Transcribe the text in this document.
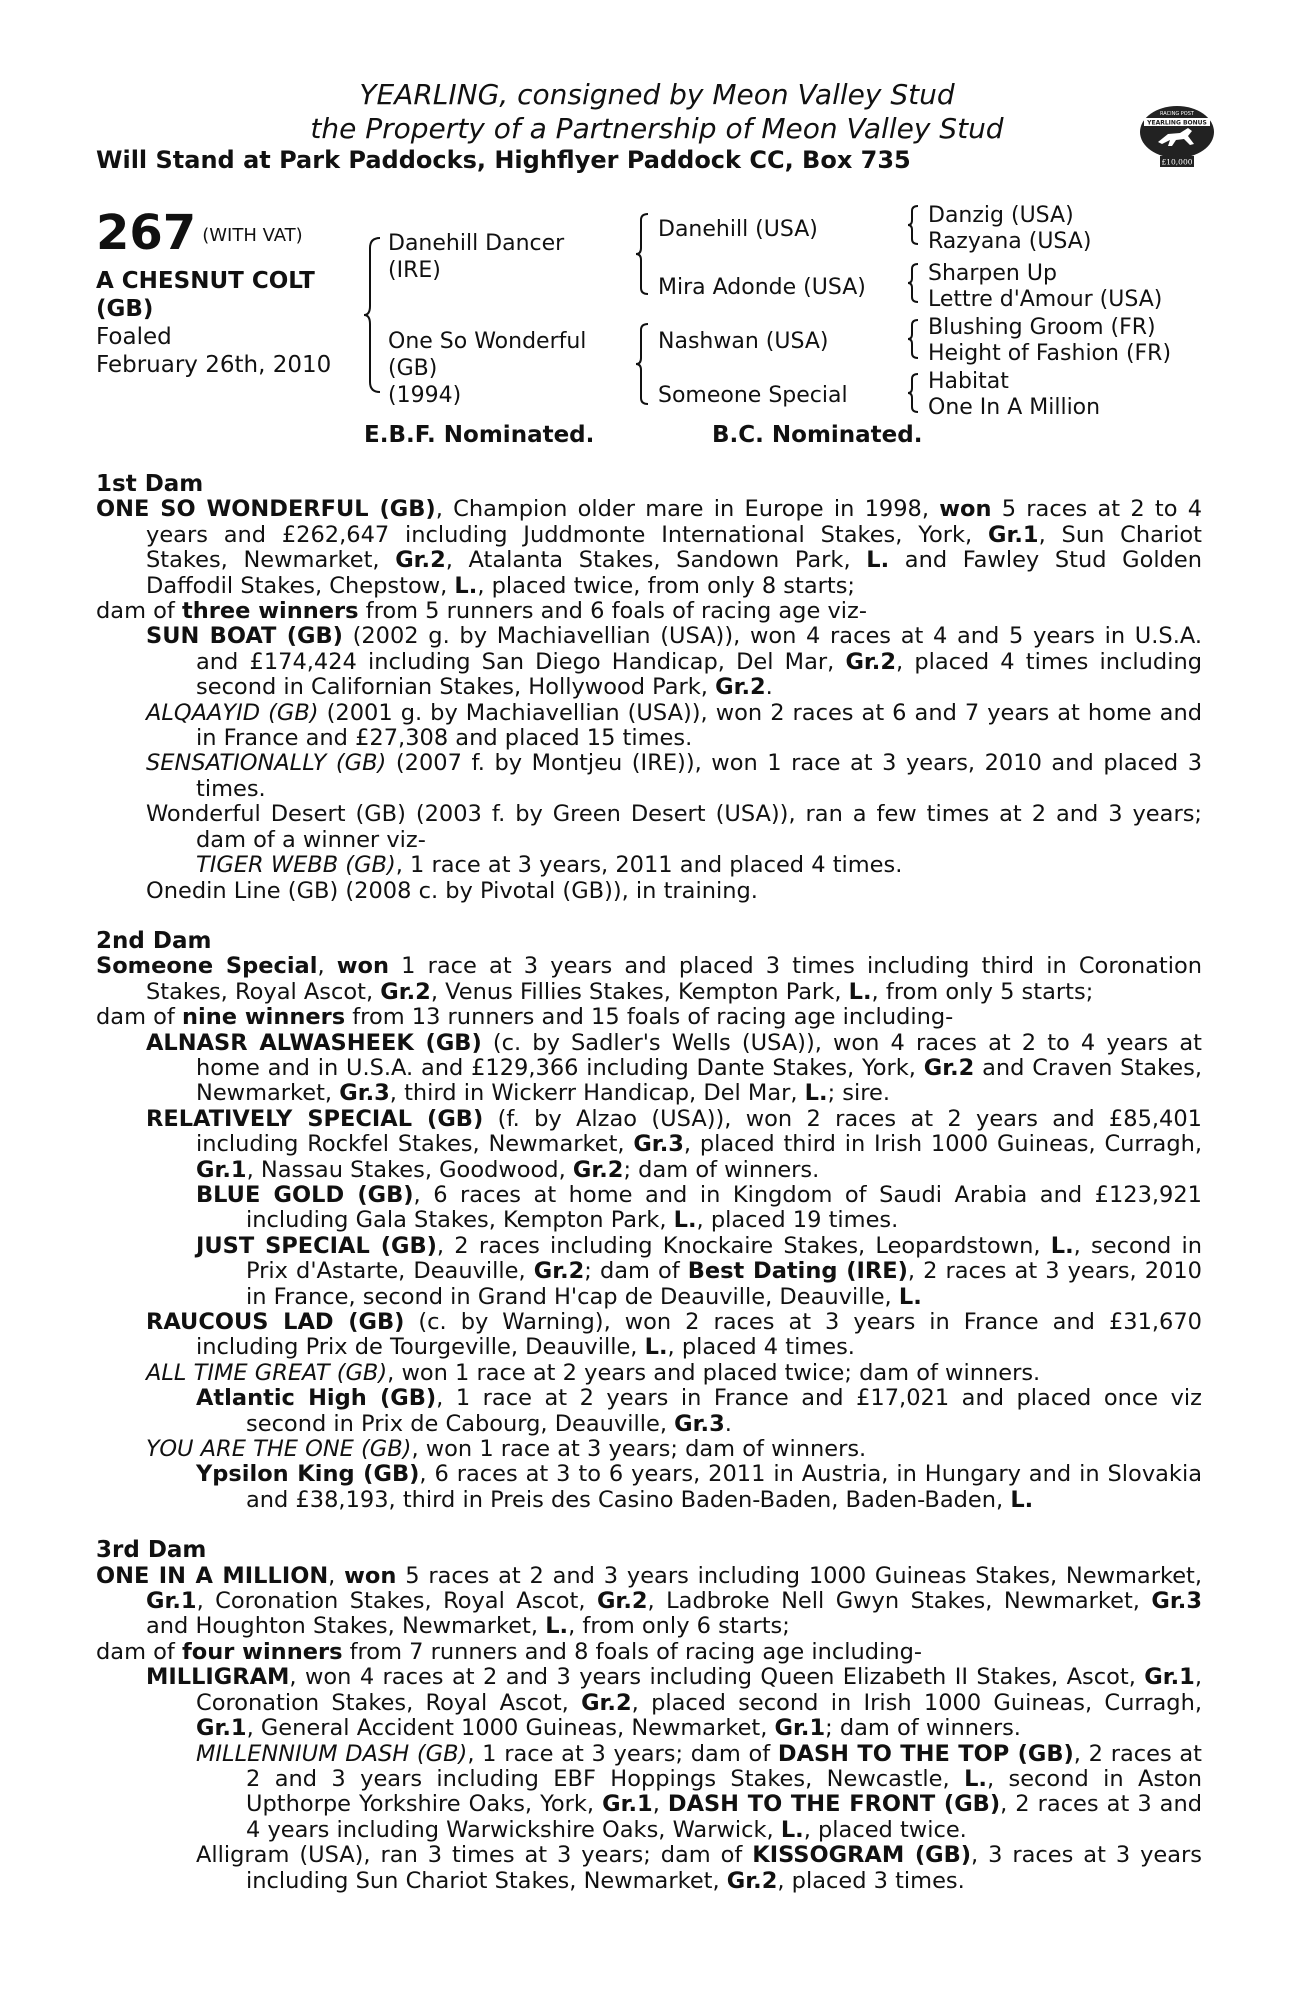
YEARLING, consigned by Meon Valley Stud
the Property of a Partnership of Meon Valley Stud
Will Stand at Park Paddocks, Highflyer Paddock CC, Box 735
RACING POST
YEARLING BONUS
£10,000
267 (WITH VAT)
A CHESNUT COLT
(GB)
Foaled
February 26th, 2010
Danehill Dancer
(IRE)
One So Wonderful
(GB)
(1994)
Danehill (USA)
Mira Adonde (USA)
Nashwan (USA)
Someone Special
Danzig (USA)
Razyana (USA)
Sharpen Up
Lettre d'Amour (USA)
Blushing Groom (FR)
Height of Fashion (FR)
Habitat
One In A Million
E.B.F. Nominated.	B.C. Nominated.
1st Dam

ONE SO WONDERFUL (GB), Champion older mare in Europe in 1998, won 5 races at 2 to 4 years and £262,647 including Juddmonte International Stakes, York, Gr.1, Sun Chariot Stakes, Newmarket, Gr.2, Atalanta Stakes, Sandown Park, L. and Fawley Stud Golden Daffodil Stakes, Chepstow, L., placed twice, from only 8 starts;

dam of three winners from 5 runners and 6 foals of racing age viz-

SUN BOAT (GB) (2002 g. by Machiavellian (USA)), won 4 races at 4 and 5 years in U.S.A. and £174,424 including San Diego Handicap, Del Mar, Gr.2, placed 4 times including second in Californian Stakes, Hollywood Park, Gr.2.

ALQAAYID (GB) (2001 g. by Machiavellian (USA)), won 2 races at 6 and 7 years at home and in France and £27,308 and placed 15 times.

SENSATIONALLY (GB) (2007 f. by Montjeu (IRE)), won 1 race at 3 years, 2010 and placed 3 times.

Wonderful Desert (GB) (2003 f. by Green Desert (USA)), ran a few times at 2 and 3 years; dam of a winner viz-

TIGER WEBB (GB), 1 race at 3 years, 2011 and placed 4 times.

Onedin Line (GB) (2008 c. by Pivotal (GB)), in training.

2nd Dam

Someone Special, won 1 race at 3 years and placed 3 times including third in Coronation Stakes, Royal Ascot, Gr.2, Venus Fillies Stakes, Kempton Park, L., from only 5 starts;

dam of nine winners from 13 runners and 15 foals of racing age including-

ALNASR ALWASHEEK (GB) (c. by Sadler's Wells (USA)), won 4 races at 2 to 4 years at home and in U.S.A. and £129,366 including Dante Stakes, York, Gr.2 and Craven Stakes, Newmarket, Gr.3, third in Wickerr Handicap, Del Mar, L.; sire.

RELATIVELY SPECIAL (GB) (f. by Alzao (USA)), won 2 races at 2 years and £85,401 including Rockfel Stakes, Newmarket, Gr.3, placed third in Irish 1000 Guineas, Curragh, Gr.1, Nassau Stakes, Goodwood, Gr.2; dam of winners.

BLUE GOLD (GB), 6 races at home and in Kingdom of Saudi Arabia and £123,921 including Gala Stakes, Kempton Park, L., placed 19 times.

JUST SPECIAL (GB), 2 races including Knockaire Stakes, Leopardstown, L., second in Prix d'Astarte, Deauville, Gr.2; dam of Best Dating (IRE), 2 races at 3 years, 2010 in France, second in Grand H'cap de Deauville, Deauville, L.

RAUCOUS LAD (GB) (c. by Warning), won 2 races at 3 years in France and £31,670 including Prix de Tourgeville, Deauville, L., placed 4 times.

ALL TIME GREAT (GB), won 1 race at 2 years and placed twice; dam of winners.

Atlantic High (GB), 1 race at 2 years in France and £17,021 and placed once viz second in Prix de Cabourg, Deauville, Gr.3.

YOU ARE THE ONE (GB), won 1 race at 3 years; dam of winners.

Ypsilon King (GB), 6 races at 3 to 6 years, 2011 in Austria, in Hungary and in Slovakia and £38,193, third in Preis des Casino Baden-Baden, Baden-Baden, L.

3rd Dam

ONE IN A MILLION, won 5 races at 2 and 3 years including 1000 Guineas Stakes, Newmarket, Gr.1, Coronation Stakes, Royal Ascot, Gr.2, Ladbroke Nell Gwyn Stakes, Newmarket, Gr.3 and Houghton Stakes, Newmarket, L., from only 6 starts;

dam of four winners from 7 runners and 8 foals of racing age including-

MILLIGRAM, won 4 races at 2 and 3 years including Queen Elizabeth II Stakes, Ascot, Gr.1, Coronation Stakes, Royal Ascot, Gr.2, placed second in Irish 1000 Guineas, Curragh, Gr.1, General Accident 1000 Guineas, Newmarket, Gr.1; dam of winners.

MILLENNIUM DASH (GB), 1 race at 3 years; dam of DASH TO THE TOP (GB), 2 races at 2 and 3 years including EBF Hoppings Stakes, Newcastle, L., second in Aston Upthorpe Yorkshire Oaks, York, Gr.1, DASH TO THE FRONT (GB), 2 races at 3 and 4 years including Warwickshire Oaks, Warwick, L., placed twice.

Alligram (USA), ran 3 times at 3 years; dam of KISSOGRAM (GB), 3 races at 3 years including Sun Chariot Stakes, Newmarket, Gr.2, placed 3 times.
